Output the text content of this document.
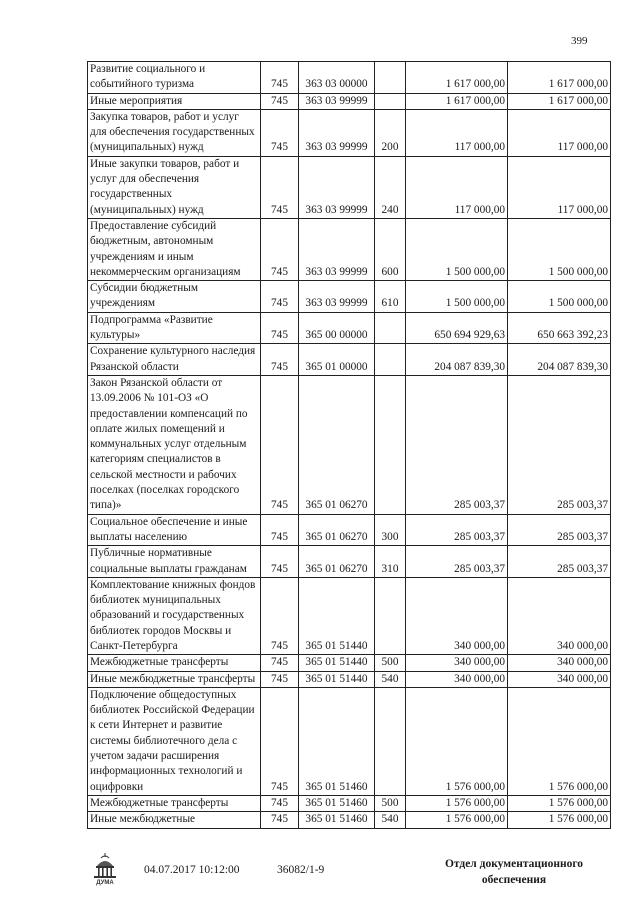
399
Развитие социального и событийного туризма	745	363 03 00000		1 617 000,00	1 617 000,00
Иные мероприятия	745	363 03 99999		1 617 000,00	1 617 000,00
Закупка товаров, работ и услуг для обеспечения государственных (муниципальных) нужд	745	363 03 99999	200	117 000,00	117 000,00
Иные закупки товаров, работ и услуг для обеспечения государственных (муниципальных) нужд	745	363 03 99999	240	117 000,00	117 000,00
Предоставление субсидий бюджетным, автономным учреждениям и иным некоммерческим организациям	745	363 03 99999	600	1 500 000,00	1 500 000,00
Субсидии бюджетным учреждениям	745	363 03 99999	610	1 500 000,00	1 500 000,00
Подпрограмма «Развитие культуры»	745	365 00 00000		650 694 929,63	650 663 392,23
Сохранение культурного наследия Рязанской области	745	365 01 00000		204 087 839,30	204 087 839,30
Закон Рязанской области от 13.09.2006 № 101-ОЗ «О предоставлении компенсаций по оплате жилых помещений и коммунальных услуг отдельным категориям специалистов в сельской местности и рабочих поселках (поселках городского типа)»	745	365 01 06270		285 003,37	285 003,37
Социальное обеспечение и иные выплаты населению	745	365 01 06270	300	285 003,37	285 003,37
Публичные нормативные социальные выплаты гражданам	745	365 01 06270	310	285 003,37	285 003,37
Комплектование книжных фондов библиотек муниципальных образований и государственных библиотек городов Москвы и Санкт-Петербурга	745	365 01 51440		340 000,00	340 000,00
Межбюджетные трансферты	745	365 01 51440	500	340 000,00	340 000,00
Иные межбюджетные трансферты	745	365 01 51440	540	340 000,00	340 000,00
Подключение общедоступных библиотек Российской Федерации к сети Интернет и развитие системы библиотечного дела с учетом задачи расширения информационных технологий и оцифровки	745	365 01 51460		1 576 000,00	1 576 000,00
Межбюджетные трансферты	745	365 01 51460	500	1 576 000,00	1 576 000,00
Иные межбюджетные	745	365 01 51460	540	1 576 000,00	1 576 000,00
ДУМА
04.07.2017 10:12:00	36082/1-9	Отдел документационного
обеспечения
